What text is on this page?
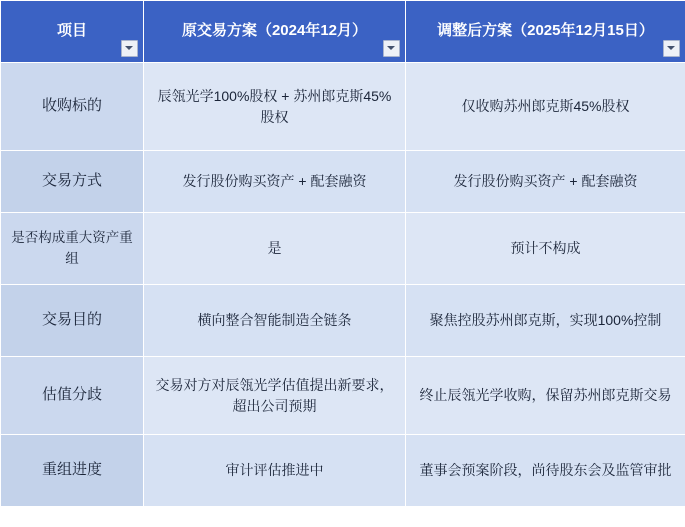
项目	原交易方案（2024年12月）	调整后方案（2025年12月15日）

收购标的	辰瓴光学100%股权 + 苏州郎克斯45%股权	仅收购苏州郎克斯45%股权
交易方式	发行股份购买资产 + 配套融资	发行股份购买资产 + 配套融资
是否构成重大资产重组	是	预计不构成
交易目的	横向整合智能制造全链条	聚焦控股苏州郎克斯，实现100%控制
估值分歧	交易对方对辰瓴光学估值提出新要求，超出公司预期	终止辰瓴光学收购，保留苏州郎克斯交易
重组进度	审计评估推进中	董事会预案阶段，尚待股东会及监管审批
